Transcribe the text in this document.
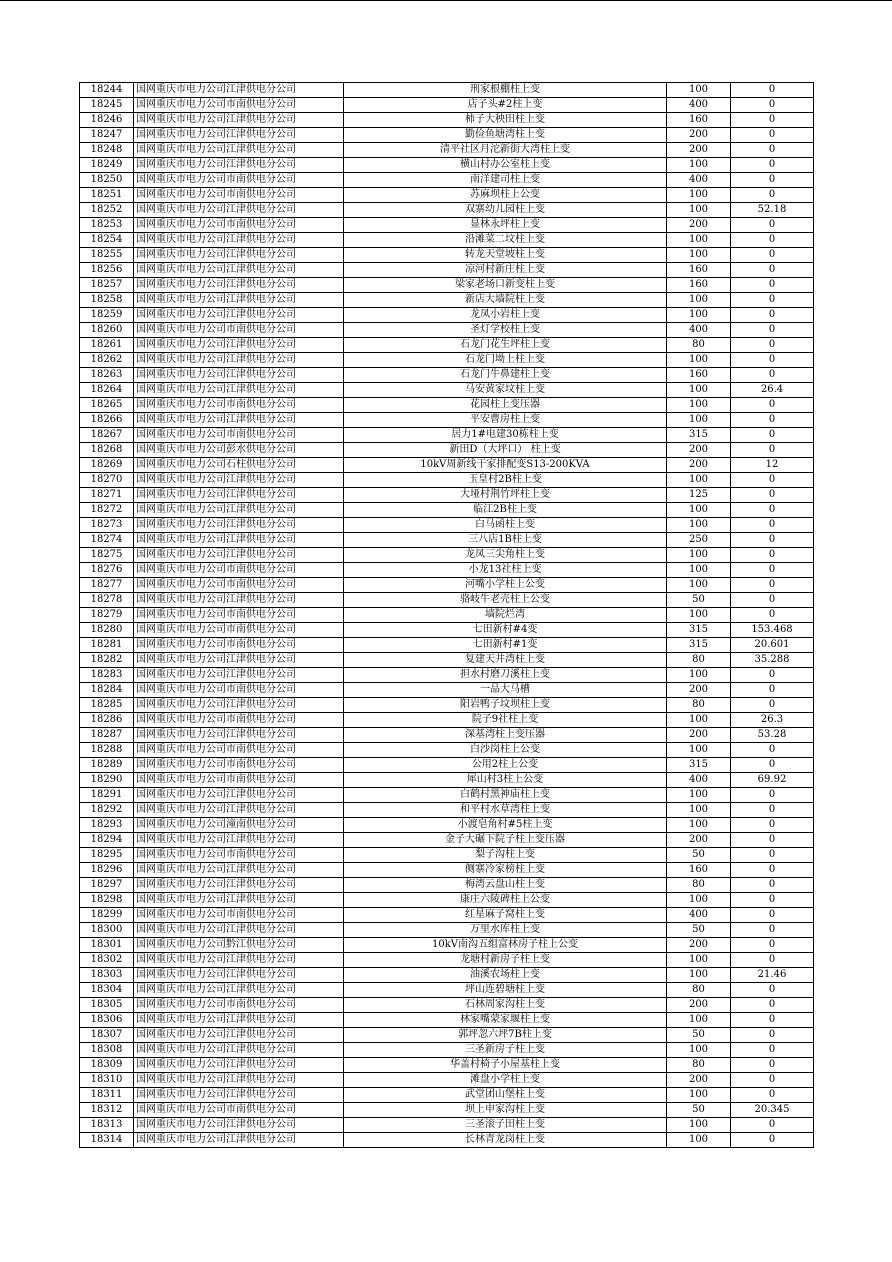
18244	国网重庆市电力公司江津供电分公司	刑家根棚柱上变	100	0
18245	国网重庆市电力公司市南供电分公司	店子头#2柱上变	400	0
18246	国网重庆市电力公司江津供电分公司	柿子大秧田柱上变	160	0
18247	国网重庆市电力公司江津供电分公司	勤俭鱼塘湾柱上变	200	0
18248	国网重庆市电力公司江津供电分公司	清平社区月沱新街大湾柱上变	200	0
18249	国网重庆市电力公司江津供电分公司	横山村办公室柱上变	100	0
18250	国网重庆市电力公司市南供电分公司	南洋建司柱上变	400	0
18251	国网重庆市电力公司市南供电分公司	苏麻坝柱上公变	100	0
18252	国网重庆市电力公司江津供电分公司	双寨幼儿园柱上变	100	52.18
18253	国网重庆市电力公司市南供电分公司	显林永坪柱上变	200	0
18254	国网重庆市电力公司江津供电分公司	沿滩菜二坟柱上变	100	0
18255	国网重庆市电力公司江津供电分公司	转龙天堂坡柱上变	100	0
18256	国网重庆市电力公司江津供电分公司	凉河村新庄柱上变	160	0
18257	国网重庆市电力公司江津供电分公司	梁家老场口新变柱上变	160	0
18258	国网重庆市电力公司江津供电分公司	新店大墙院柱上变	100	0
18259	国网重庆市电力公司江津供电分公司	龙凤小岩柱上变	100	0
18260	国网重庆市电力公司市南供电分公司	圣灯学校柱上变	400	0
18261	国网重庆市电力公司江津供电分公司	石龙门花生坪柱上变	80	0
18262	国网重庆市电力公司江津供电分公司	石龙门坳上柱上变	100	0
18263	国网重庆市电力公司江津供电分公司	石龙门牛鼻建柱上变	160	0
18264	国网重庆市电力公司江津供电分公司	马安黄家坟柱上变	100	26.4
18265	国网重庆市电力公司市南供电分公司	花园柱上变压器	100	0
18266	国网重庆市电力公司江津供电分公司	平安曹房柱上变	100	0
18267	国网重庆市电力公司市南供电分公司	居力1#电建30栋柱上变	315	0
18268	国网重庆市电力公司彭水供电分公司	新田D（大坪口） 柱上变	200	0
18269	国网重庆市电力公司石柱供电分公司	10kV周新线干家排配变S13-200KVA	200	12
18270	国网重庆市电力公司江津供电分公司	玉皇村2B柱上变	100	0
18271	国网重庆市电力公司江津供电分公司	大垭村荆竹坪柱上变	125	0
18272	国网重庆市电力公司江津供电分公司	临江2B柱上变	100	0
18273	国网重庆市电力公司江津供电分公司	白马函柱上变	100	0
18274	国网重庆市电力公司江津供电分公司	三八店1B柱上变	250	0
18275	国网重庆市电力公司江津供电分公司	龙凤三尖角柱上变	100	0
18276	国网重庆市电力公司市南供电分公司	小龙13社柱上变	100	0
18277	国网重庆市电力公司市南供电分公司	河嘴小学柱上公变	100	0
18278	国网重庆市电力公司江津供电分公司	骆岐牛老壳柱上公变	50	0
18279	国网重庆市电力公司市南供电分公司	墙院烂湾	100	0
18280	国网重庆市电力公司市南供电分公司	七田新村#4变	315	153.468
18281	国网重庆市电力公司市南供电分公司	七田新村#1变	315	20.601
18282	国网重庆市电力公司江津供电分公司	复建天井湾柱上变	80	35.288
18283	国网重庆市电力公司江津供电分公司	担水村磨刀溪柱上变	100	0
18284	国网重庆市电力公司市南供电分公司	一品大马槽	200	0
18285	国网重庆市电力公司江津供电分公司	阳岩鸭子坟坝柱上变	80	0
18286	国网重庆市电力公司市南供电分公司	院子9社柱上变	100	26.3
18287	国网重庆市电力公司江津供电分公司	深基湾柱上变压器	200	53.28
18288	国网重庆市电力公司市南供电分公司	白沙岗柱上公变	100	0
18289	国网重庆市电力公司市南供电分公司	公用2柱上公变	315	0
18290	国网重庆市电力公司市南供电分公司	犀山村3柱上公变	400	69.92
18291	国网重庆市电力公司江津供电分公司	白鹤村黑神庙柱上变	100	0
18292	国网重庆市电力公司江津供电分公司	和平村水草湾柱上变	100	0
18293	国网重庆市电力公司潼南供电分公司	小渡皂角村#5柱上变	100	0
18294	国网重庆市电力公司江津供电分公司	金子大碾下院子柱上变压器	200	0
18295	国网重庆市电力公司市南供电分公司	梨子沟柱上变	50	0
18296	国网重庆市电力公司江津供电分公司	侧寨冷家榜柱上变	160	0
18297	国网重庆市电力公司江津供电分公司	梅湾云盘山柱上变	80	0
18298	国网重庆市电力公司江津供电分公司	康庄六陵碑柱上公变	100	0
18299	国网重庆市电力公司市南供电分公司	红星麻子窝柱上变	400	0
18300	国网重庆市电力公司江津供电分公司	万里水库柱上变	50	0
18301	国网重庆市电力公司黔江供电分公司	10kV南沟五组富林房子柱上公变	200	0
18302	国网重庆市电力公司江津供电分公司	龙塘村新房子柱上变	100	0
18303	国网重庆市电力公司江津供电分公司	油溪农场柱上变	100	21.46
18304	国网重庆市电力公司江津供电分公司	坪山连碧塘柱上变	80	0
18305	国网重庆市电力公司市南供电分公司	石林周家沟柱上变	200	0
18306	国网重庆市电力公司江津供电分公司	林家嘴蒙家堰柱上变	100	0
18307	国网重庆市电力公司江津供电分公司	郭坪忽六坪7B柱上变	50	0
18308	国网重庆市电力公司江津供电分公司	三圣新房子柱上变	100	0
18309	国网重庆市电力公司江津供电分公司	华盖村椅子小屋基柱上变	80	0
18310	国网重庆市电力公司江津供电分公司	滩盘小学柱上变	200	0
18311	国网重庆市电力公司江津供电分公司	武堂团山堡柱上变	100	0
18312	国网重庆市电力公司市南供电分公司	坝上申家沟柱上变	50	20.345
18313	国网重庆市电力公司江津供电分公司	三圣滚子田柱上变	100	0
18314	国网重庆市电力公司江津供电分公司	长林青龙岗柱上变	100	0
